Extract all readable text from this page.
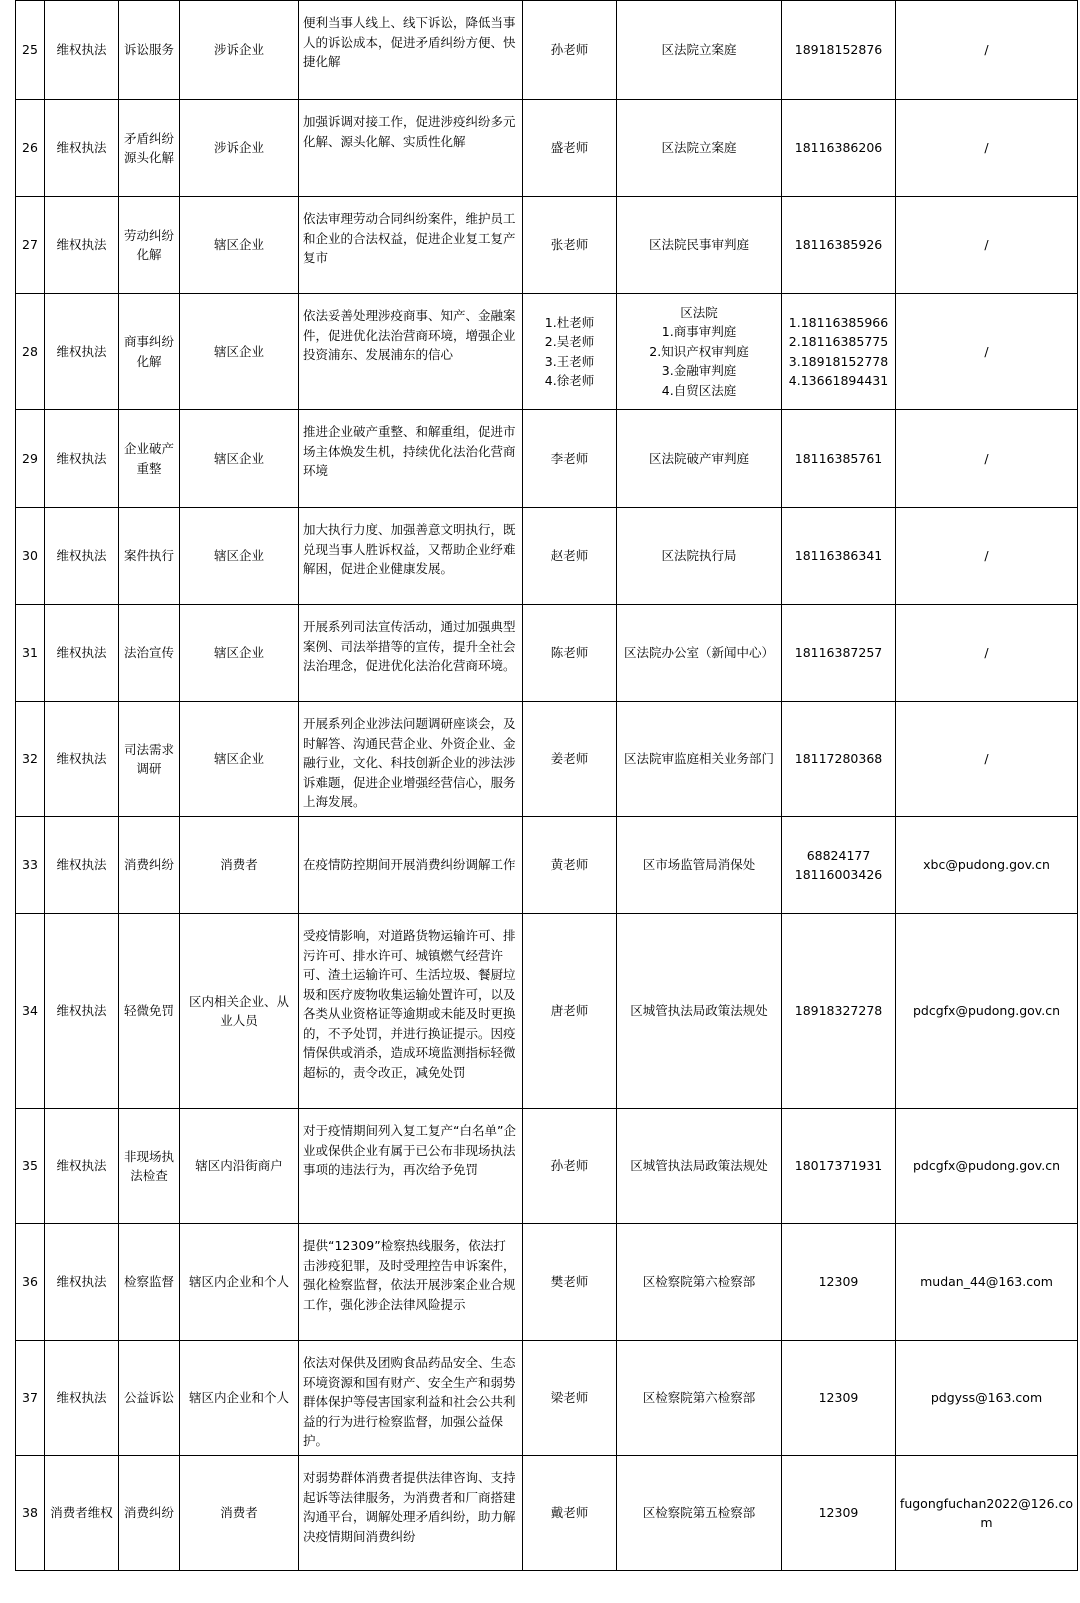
25	维权执法	诉讼服务	涉诉企业	便利当事人线上、线下诉讼，降低当事人的诉讼成本，促进矛盾纠纷方便、快捷化解	孙老师	区法院立案庭	18918152876	/
26	维权执法	矛盾纠纷源头化解	涉诉企业	加强诉调对接工作，促进涉疫纠纷多元化解、源头化解、实质性化解	盛老师	区法院立案庭	18116386206	/
27	维权执法	劳动纠纷化解	辖区企业	依法审理劳动合同纠纷案件，维护员工和企业的合法权益，促进企业复工复产复市	张老师	区法院民事审判庭	18116385926	/
28	维权执法	商事纠纷化解	辖区企业	依法妥善处理涉疫商事、知产、金融案件，促进优化法治营商环境，增强企业投资浦东、发展浦东的信心	1.杜老师
2.吴老师
3.王老师
4.徐老师	区法院
1.商事审判庭
2.知识产权审判庭
3.金融审判庭
4.自贸区法庭	1.18116385966
2.18116385775
3.18918152778
4.13661894431	/
29	维权执法	企业破产重整	辖区企业	推进企业破产重整、和解重组，促进市场主体焕发生机，持续优化法治化营商环境	李老师	区法院破产审判庭	18116385761	/
30	维权执法	案件执行	辖区企业	加大执行力度、加强善意文明执行，既兑现当事人胜诉权益，又帮助企业纾难解困，促进企业健康发展。	赵老师	区法院执行局	18116386341	/
31	维权执法	法治宣传	辖区企业	开展系列司法宣传活动，通过加强典型案例、司法举措等的宣传，提升全社会法治理念，促进优化法治化营商环境。	陈老师	区法院办公室（新闻中心）	18116387257	/
32	维权执法	司法需求调研	辖区企业	开展系列企业涉法问题调研座谈会，及时解答、沟通民营企业、外资企业、金融行业，文化、科技创新企业的涉法涉诉难题，促进企业增强经营信心，服务上海发展。	姜老师	区法院审监庭相关业务部门	18117280368	/
33	维权执法	消费纠纷	消费者	在疫情防控期间开展消费纠纷调解工作	黄老师	区市场监管局消保处	68824177
18116003426	xbc@pudong.gov.cn
34	维权执法	轻微免罚	区内相关企业、从业人员	受疫情影响，对道路货物运输许可、排污许可、排水许可、城镇燃气经营许可、渣土运输许可、生活垃圾、餐厨垃圾和医疗废物收集运输处置许可，以及各类从业资格证等逾期或未能及时更换的，不予处罚，并进行换证提示。因疫情保供或消杀，造成环境监测指标轻微超标的，责令改正，减免处罚	唐老师	区城管执法局政策法规处	18918327278	pdcgfx@pudong.gov.cn
35	维权执法	非现场执法检查	辖区内沿街商户	对于疫情期间列入复工复产“白名单”企业或保供企业有属于已公布非现场执法事项的违法行为，再次给予免罚	孙老师	区城管执法局政策法规处	18017371931	pdcgfx@pudong.gov.cn
36	维权执法	检察监督	辖区内企业和个人	提供“12309”检察热线服务，依法打击涉疫犯罪，及时受理控告申诉案件，强化检察监督，依法开展涉案企业合规工作，强化涉企法律风险提示	樊老师	区检察院第六检察部	12309	mudan_44@163.com
37	维权执法	公益诉讼	辖区内企业和个人	依法对保供及团购食品药品安全、生态环境资源和国有财产、安全生产和弱势群体保护等侵害国家利益和社会公共利益的行为进行检察监督，加强公益保护。	梁老师	区检察院第六检察部	12309	pdgyss@163.com
38	消费者维权	消费纠纷	消费者	对弱势群体消费者提供法律咨询、支持起诉等法律服务，为消费者和厂商搭建沟通平台，调解处理矛盾纠纷，助力解决疫情期间消费纠纷	戴老师	区检察院第五检察部	12309	fugongfuchan2022@126.com
